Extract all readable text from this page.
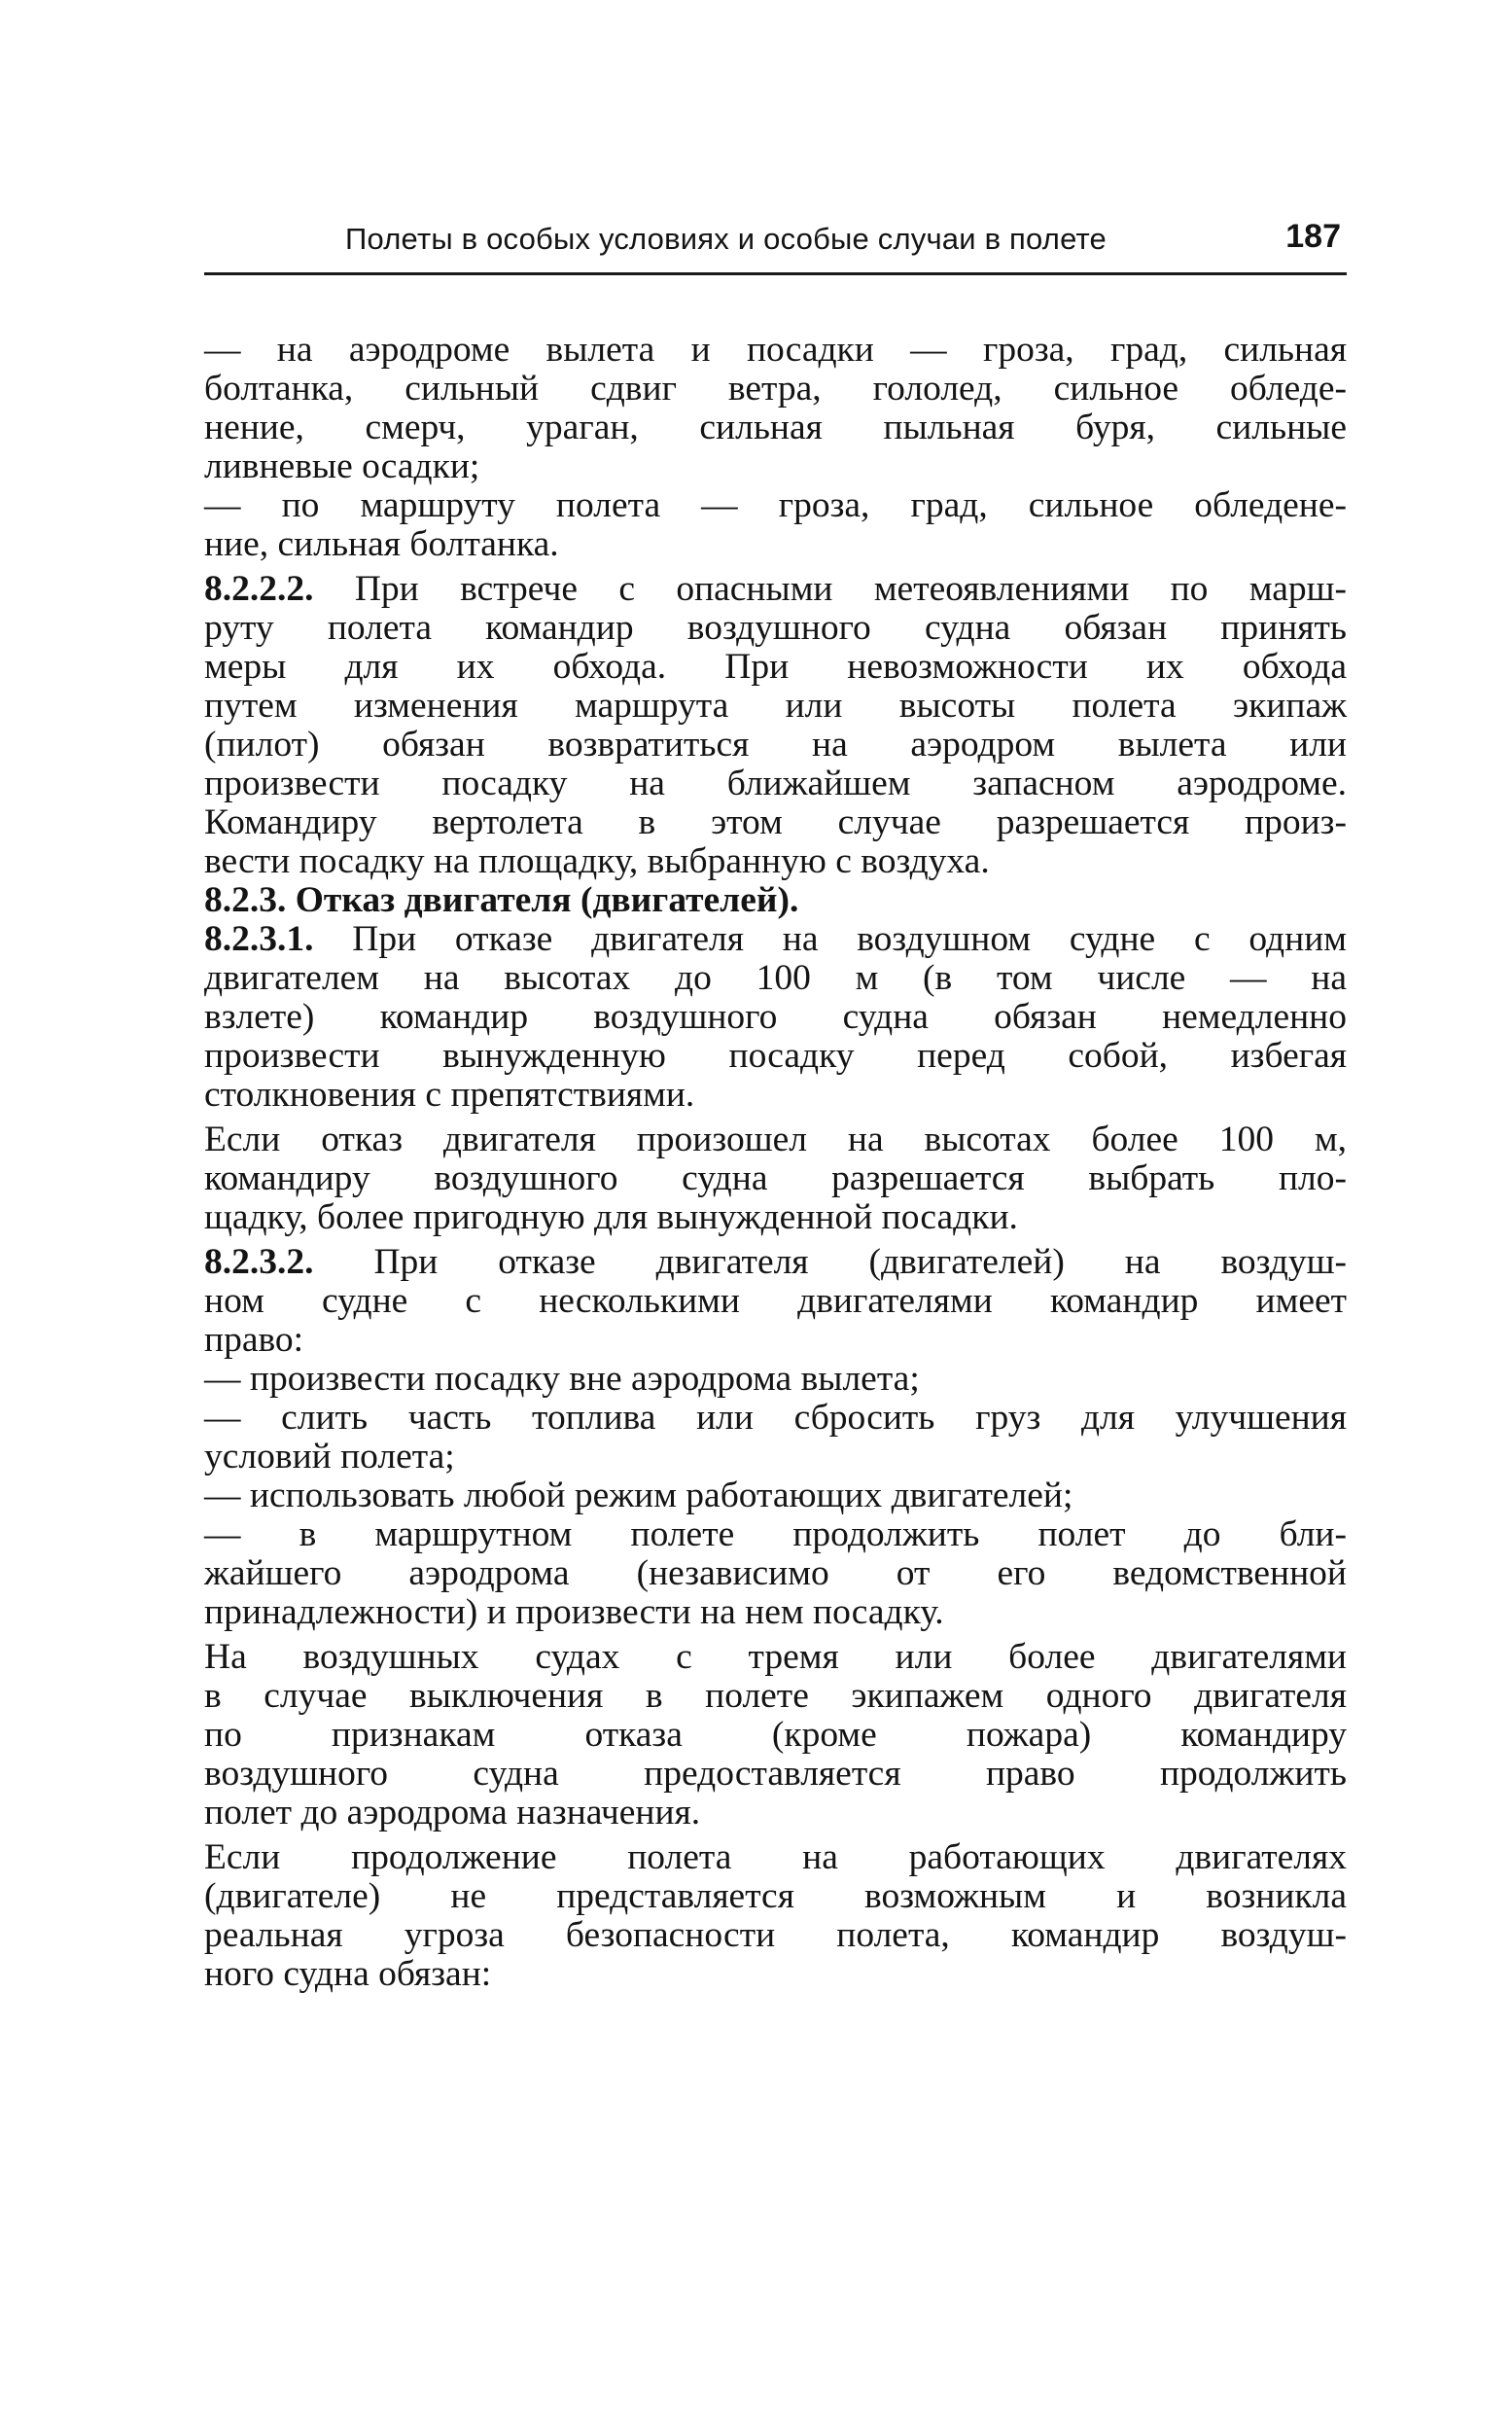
Полеты в особых условиях и особые случаи в полете	187
— на аэродроме вылета и посадки — гроза, град, сильная
болтанка, сильный сдвиг ветра, гололед, сильное обледе-
нение, смерч, ураган, сильная пыльная буря, сильные
ливневые осадки;
— по маршруту полета — гроза, град, сильное обледене-
ние, сильная болтанка.
8.2.2.2. При встрече с опасными метеоявлениями по марш-
руту полета командир воздушного судна обязан принять
меры для их обхода. При невозможности их обхода
путем изменения маршрута или высоты полета экипаж
(пилот) обязан возвратиться на аэродром вылета или
произвести посадку на ближайшем запасном аэродроме.
Командиру вертолета в этом случае разрешается произ-
вести посадку на площадку, выбранную с воздуха.
8.2.3. Отказ двигателя (двигателей).
8.2.3.1. При отказе двигателя на воздушном судне с одним
двигателем на высотах до 100 м (в том числе — на
взлете) командир воздушного судна обязан немедленно
произвести вынужденную посадку перед собой, избегая
столкновения с препятствиями.
Если отказ двигателя произошел на высотах более 100 м,
командиру воздушного судна разрешается выбрать пло-
щадку, более пригодную для вынужденной посадки.
8.2.3.2. При отказе двигателя (двигателей) на воздуш-
ном судне с несколькими двигателями командир имеет
право:
— произвести посадку вне аэродрома вылета;
— слить часть топлива или сбросить груз для улучшения
условий полета;
— использовать любой режим работающих двигателей;
— в маршрутном полете продолжить полет до бли-
жайшего аэродрома (независимо от его ведомственной
принадлежности) и произвести на нем посадку.
На воздушных судах с тремя или более двигателями
в случае выключения в полете экипажем одного двигателя
по признакам отказа (кроме пожара) командиру
воздушного судна предоставляется право продолжить
полет до аэродрома назначения.
Если продолжение полета на работающих двигателях
(двигателе) не представляется возможным и возникла
реальная угроза безопасности полета, командир воздуш-
ного судна обязан:
